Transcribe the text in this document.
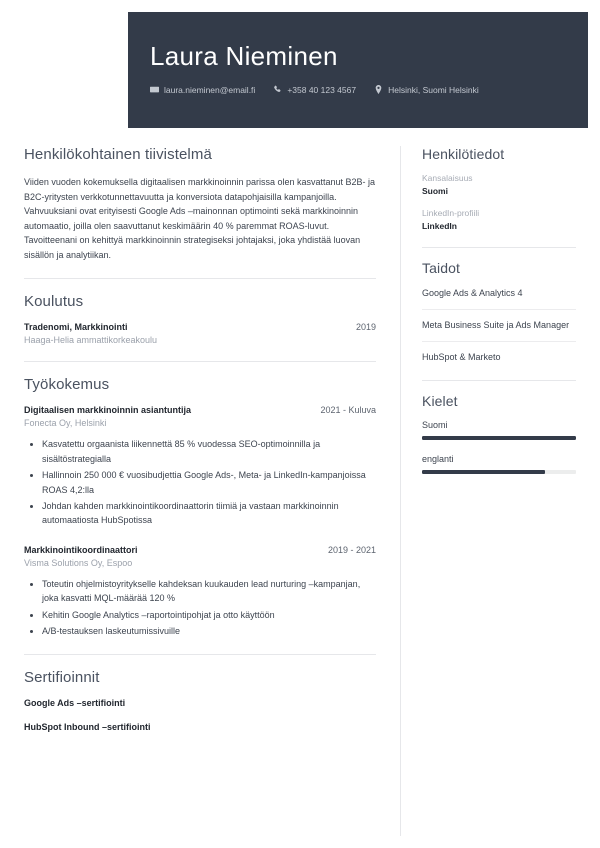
Laura Nieminen
laura.nieminen@email.fi	+358 40 123 4567	Helsinki, Suomi Helsinki
Henkilökohtainen tiivistelmä

Viiden vuoden kokemuksella digitaalisen markkinoinnin parissa olen kasvattanut B2B- ja B2C-yritysten verkkotunnettavuutta ja konversiota datapohjaisilla kampanjoilla. Vahvuuksiani ovat erityisesti Google Ads –mainonnan optimointi sekä markkinoinnin automaatio, joilla olen saavuttanut keskimäärin 40 % paremmat ROAS-luvut. Tavoitteenani on kehittyä markkinoinnin strategiseksi johtajaksi, joka yhdistää luovan sisällön ja analytiikan.

Koulutus
Tradenomi, Markkinointi	2019
Haaga-Helia ammattikorkeakoulu
Työkokemus
Digitaalisen markkinoinnin asiantuntija	2021 - Kuluva
Fonecta Oy, Helsinki
• Kasvatettu orgaanista liikennettä 85 % vuodessa SEO-optimoinnilla ja sisältöstrategialla
• Hallinnoin 250 000 € vuosibudjettia Google Ads-, Meta- ja LinkedIn-kampanjoissa ROAS 4,2:lla
• Johdan kahden markkinointikoordinaattorin tiimiä ja vastaan markkinoinnin automaatiosta HubSpotissa
Markkinointikoordinaattori	2019 - 2021
Visma Solutions Oy, Espoo
• Toteutin ohjelmistoyritykselle kahdeksan kuukauden lead nurturing –kampanjan, joka kasvatti MQL-määrää 120 %
• Kehitin Google Analytics –raportointipohjat ja otto käyttöön
• A/B-testauksen laskeutumissivuille
Sertifioinnit
Google Ads –sertifiointi
HubSpot Inbound –sertifiointi
Henkilötiedot
Kansalaisuus
Suomi
LinkedIn-profiili
LinkedIn
Taidot
Google Ads & Analytics 4
Meta Business Suite ja Ads Manager
HubSpot & Marketo
Kielet
Suomi
englanti
